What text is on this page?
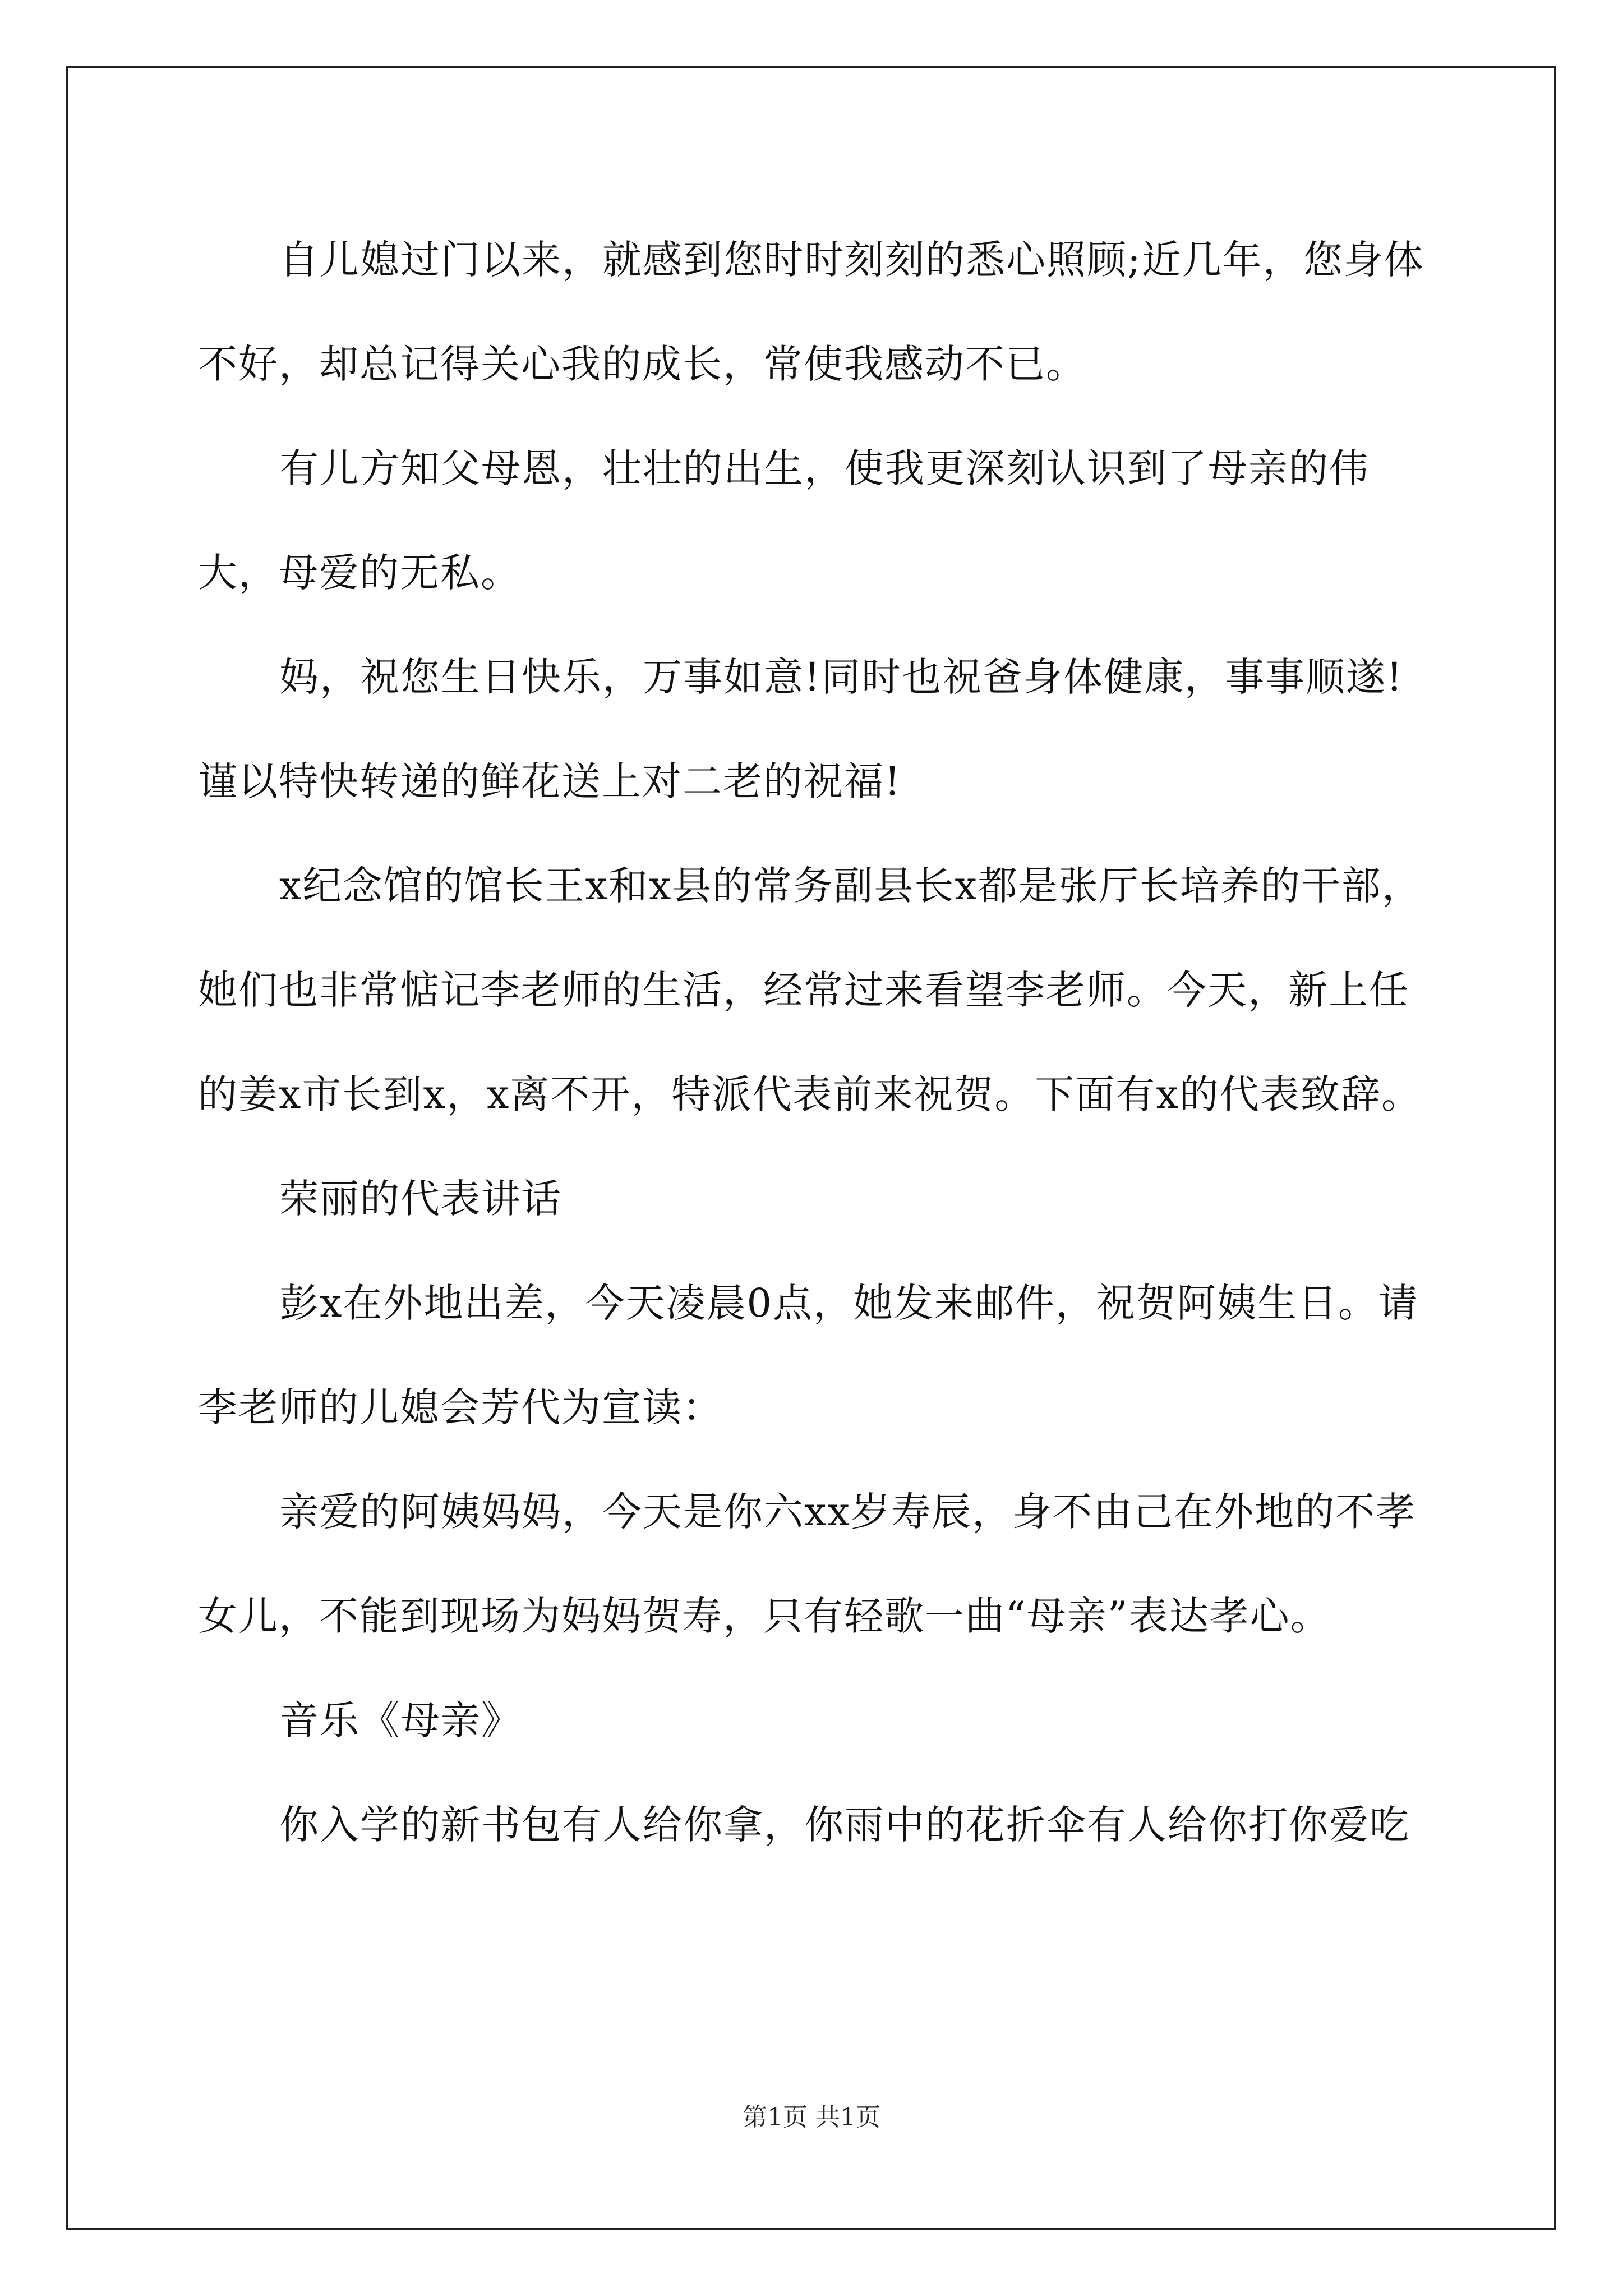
自儿媳过门以来，就感到您时时刻刻的悉心照顾;近几年，您身体不好，却总记得关心我的成长，常使我感动不已。

有儿方知父母恩，壮壮的出生，使我更深刻认识到了母亲的伟大，母爱的无私。

妈，祝您生日快乐，万事如意!同时也祝爸身体健康，事事顺遂!谨以特快转递的鲜花送上对二老的祝福!

x纪念馆的馆长王x和x县的常务副县长x都是张厅长培养的干部，她们也非常惦记李老师的生活，经常过来看望李老师。今天，新上任的姜x市长到x，x离不开，特派代表前来祝贺。下面有x的代表致辞。

荣丽的代表讲话

彭x在外地出差，今天凌晨0点，她发来邮件，祝贺阿姨生日。请李老师的儿媳会芳代为宣读：

亲爱的阿姨妈妈，今天是你六xx岁寿辰，身不由己在外地的不孝女儿，不能到现场为妈妈贺寿，只有轻歌一曲“母亲”表达孝心。

音乐《母亲》

你入学的新书包有人给你拿，你雨中的花折伞有人给你打你爱吃

第1页 共1页
